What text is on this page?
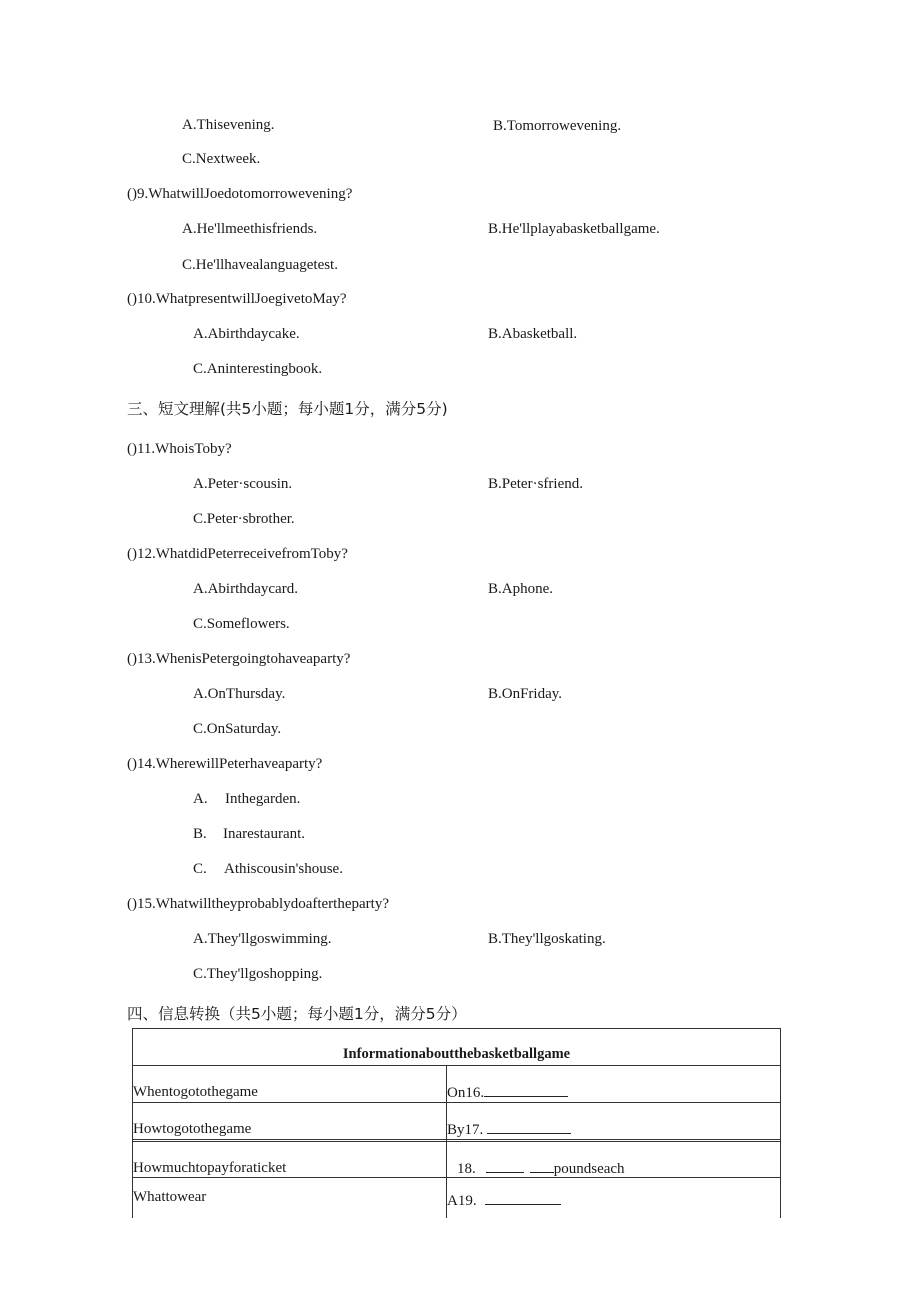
A.Thisevening.	B.Tomorrowevening.
C.Nextweek.
()9.WhatwillJoedotomorrowevening?
A.He'llmeethisfriends.	B.He'llplayabasketballgame.
C.He'llhavealanguagetest.
()10.WhatpresentwillJoegivetoMay?
A.Abirthdaycake.	B.Abasketball.
C.Aninterestingbook.
三、短文理解(共5小题；每小题1分，满分5分)
()11.WhoisToby?
A.Peter·scousin.	B.Peter·sfriend.
C.Peter·sbrother.
()12.WhatdidPeterreceivefromToby?
A.Abirthdaycard.	B.Aphone.
C.Someflowers.
()13.WhenisPetergoingtohaveaparty?
A.OnThursday.	B.OnFriday.
C.OnSaturday.
()14.WherewillPeterhaveaparty?
A. Inthegarden.
B. Inarestaurant.
C. Athiscousin'shouse.
()15.Whatwilltheyprobablydoaftertheparty?
A.They'llgoswimming.	B.They'llgoskating.
C.They'llgoshopping.
四、信息转换（共5小题；每小题1分，满分5分）
Informationaboutthebasketballgame
Whentogotothegame	On16.
Howtogotothegame	By17.
Howmuchtopayforaticket	18.	poundseach
Whattowear	A19.
